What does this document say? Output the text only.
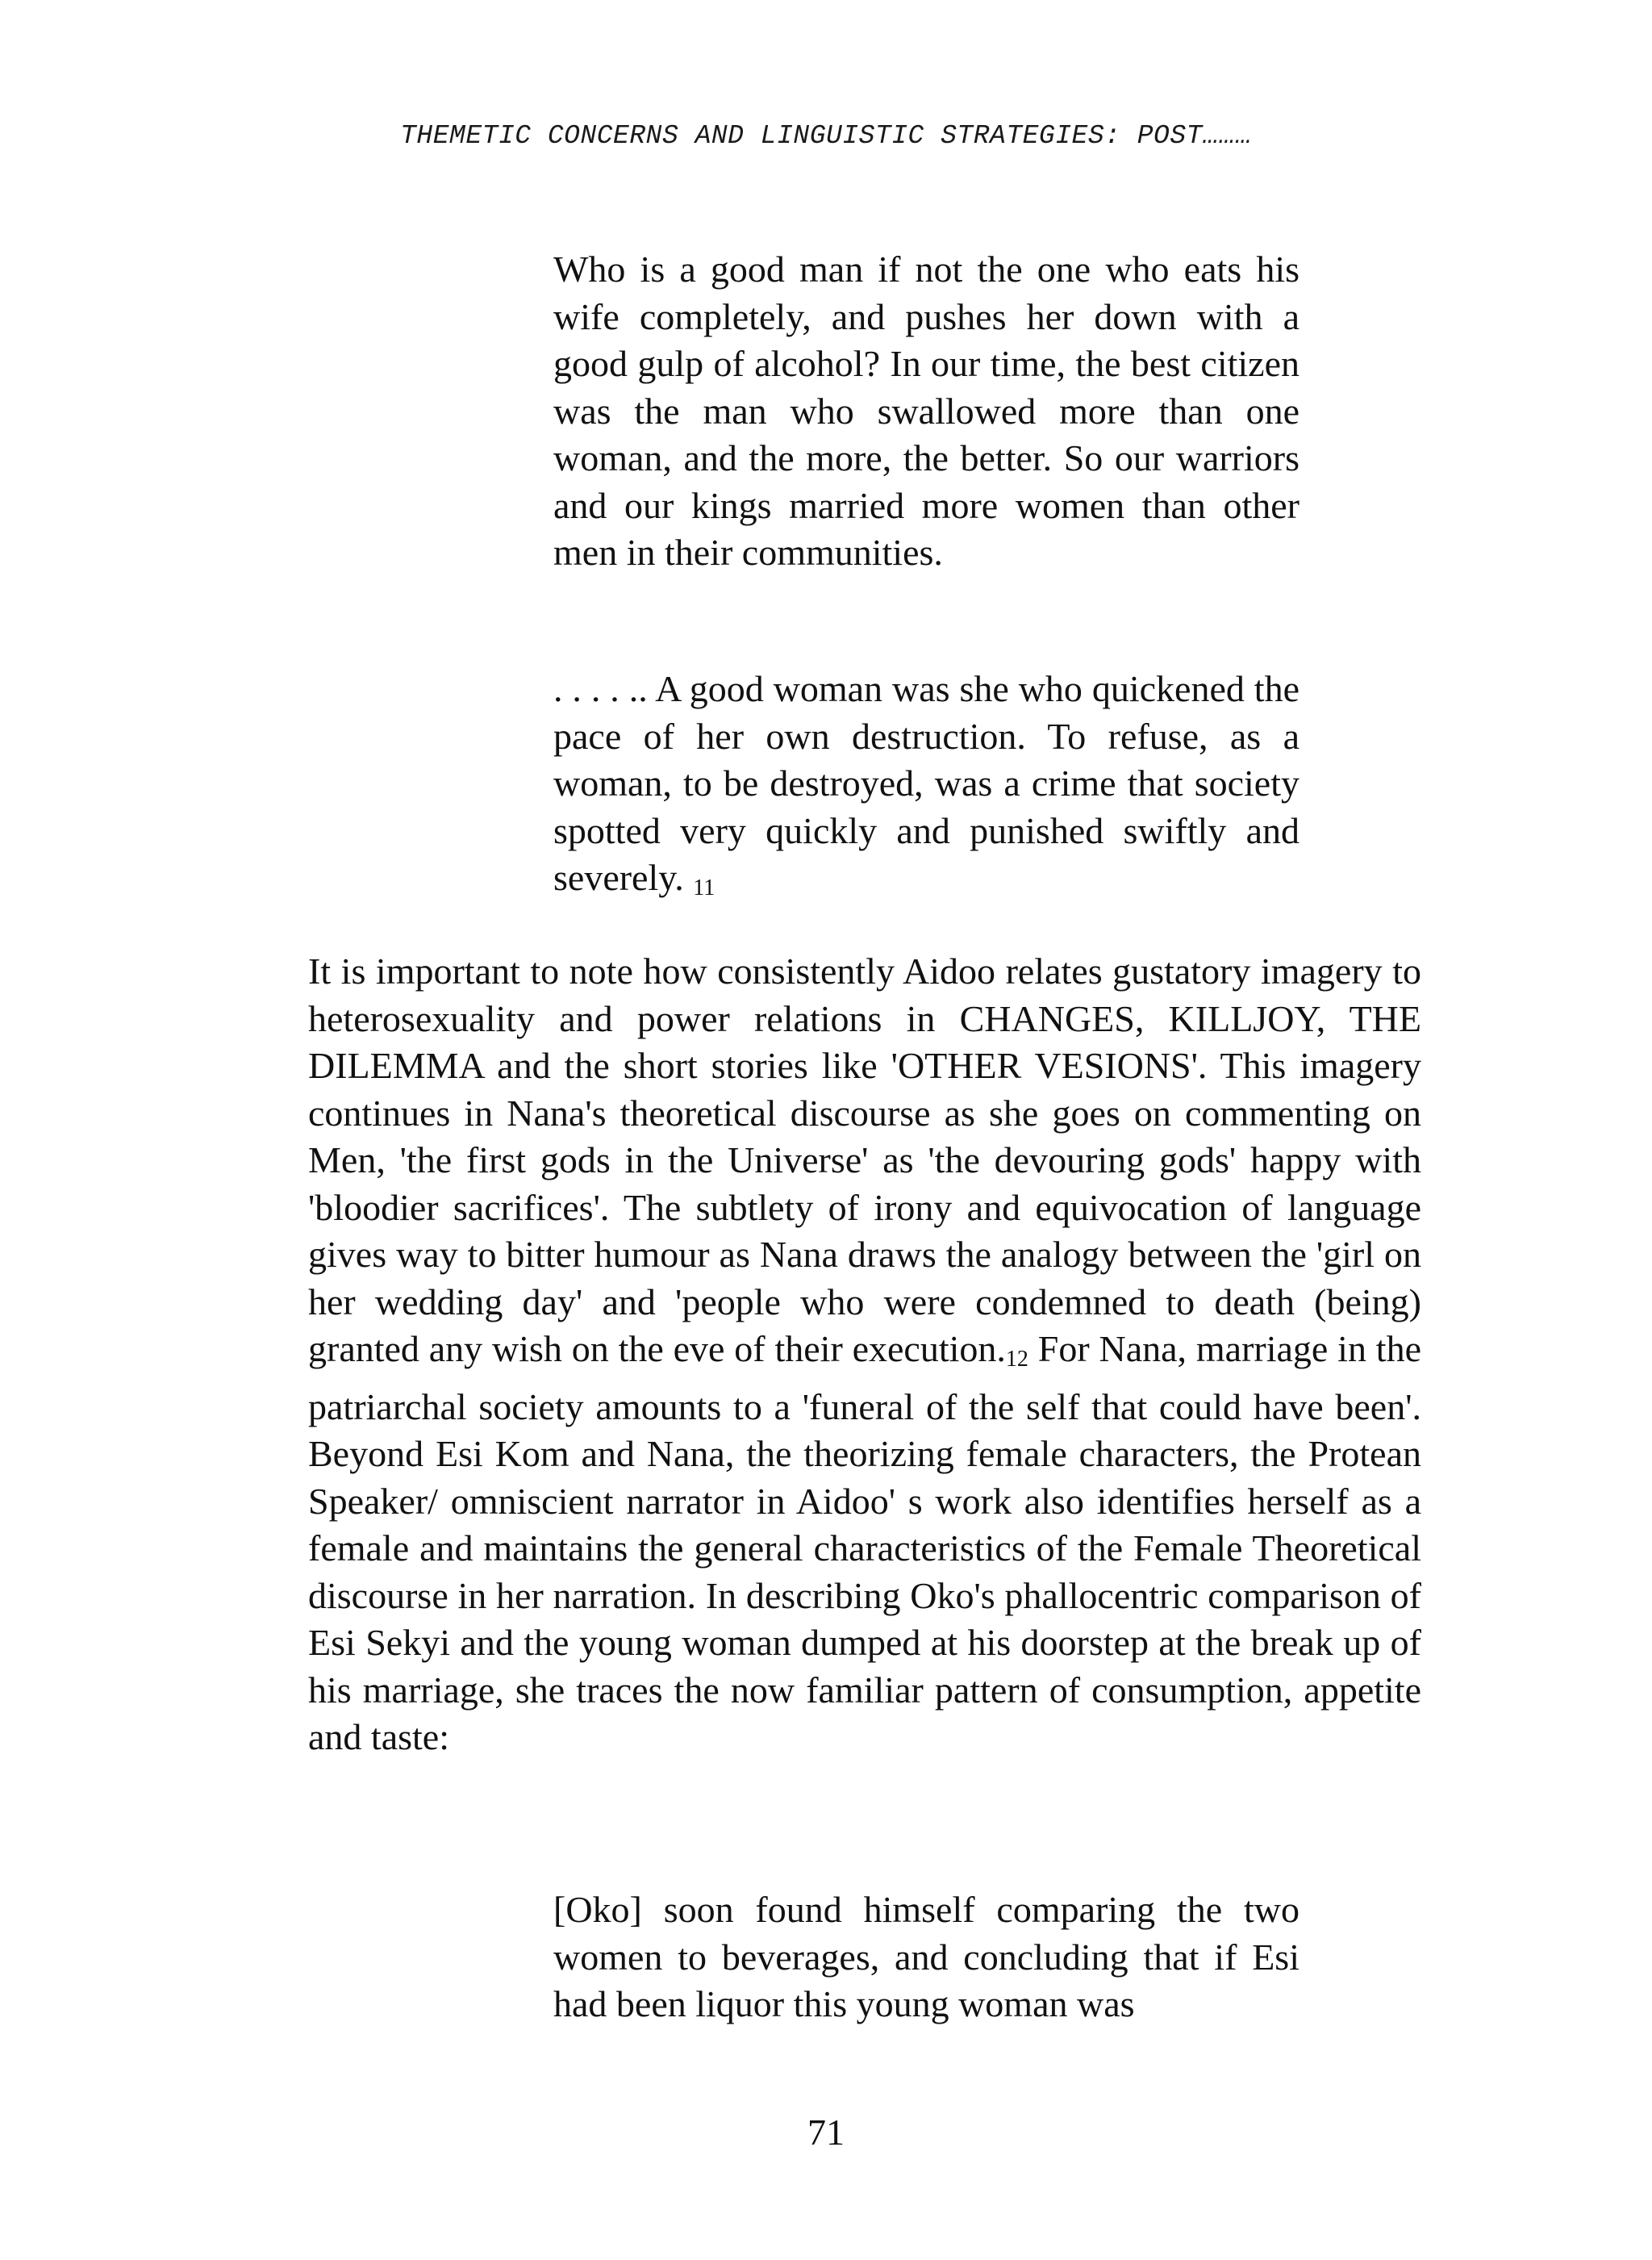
THEMETIC CONCERNS AND LINGUISTIC STRATEGIES: POST………

Who is a good man if not the one who eats his wife completely, and pushes her down with a good gulp of alcohol? In our time, the best citizen was the man who swallowed more than one woman, and the more, the better. So our warriors and our kings married more women than other men in their communities.

. . . . .. A good woman was she who quickened the pace of her own destruction. To refuse, as a woman, to be destroyed, was a crime that society spotted very quickly and punished swiftly and severely. 11

It is important to note how consistently Aidoo relates gustatory imagery to heterosexuality and power relations in CHANGES, KILLJOY, THE DILEMMA and the short stories like 'OTHER VESIONS'. This imagery continues in Nana's theoretical discourse as she goes on commenting on Men, 'the first gods in the Universe' as 'the devouring gods' happy with 'bloodier sacrifices'. The subtlety of irony and equivocation of language gives way to bitter humour as Nana draws the analogy between the 'girl on her wedding day' and 'people who were condemned to death (being) granted any wish on the eve of their execution.12 For Nana, marriage in the patriarchal society amounts to a 'funeral of the self that could have been'. Beyond Esi Kom and Nana, the theorizing female characters, the Protean Speaker/ omniscient narrator in Aidoo' s work also identifies herself as a female and maintains the general characteristics of the Female Theoretical discourse in her narration. In describing Oko's phallocentric comparison of Esi Sekyi and the young woman dumped at his doorstep at the break up of his marriage, she traces the now familiar pattern of consumption, appetite and taste:

[Oko] soon found himself comparing the two women to beverages, and concluding that if Esi had been liquor this young woman was

71
